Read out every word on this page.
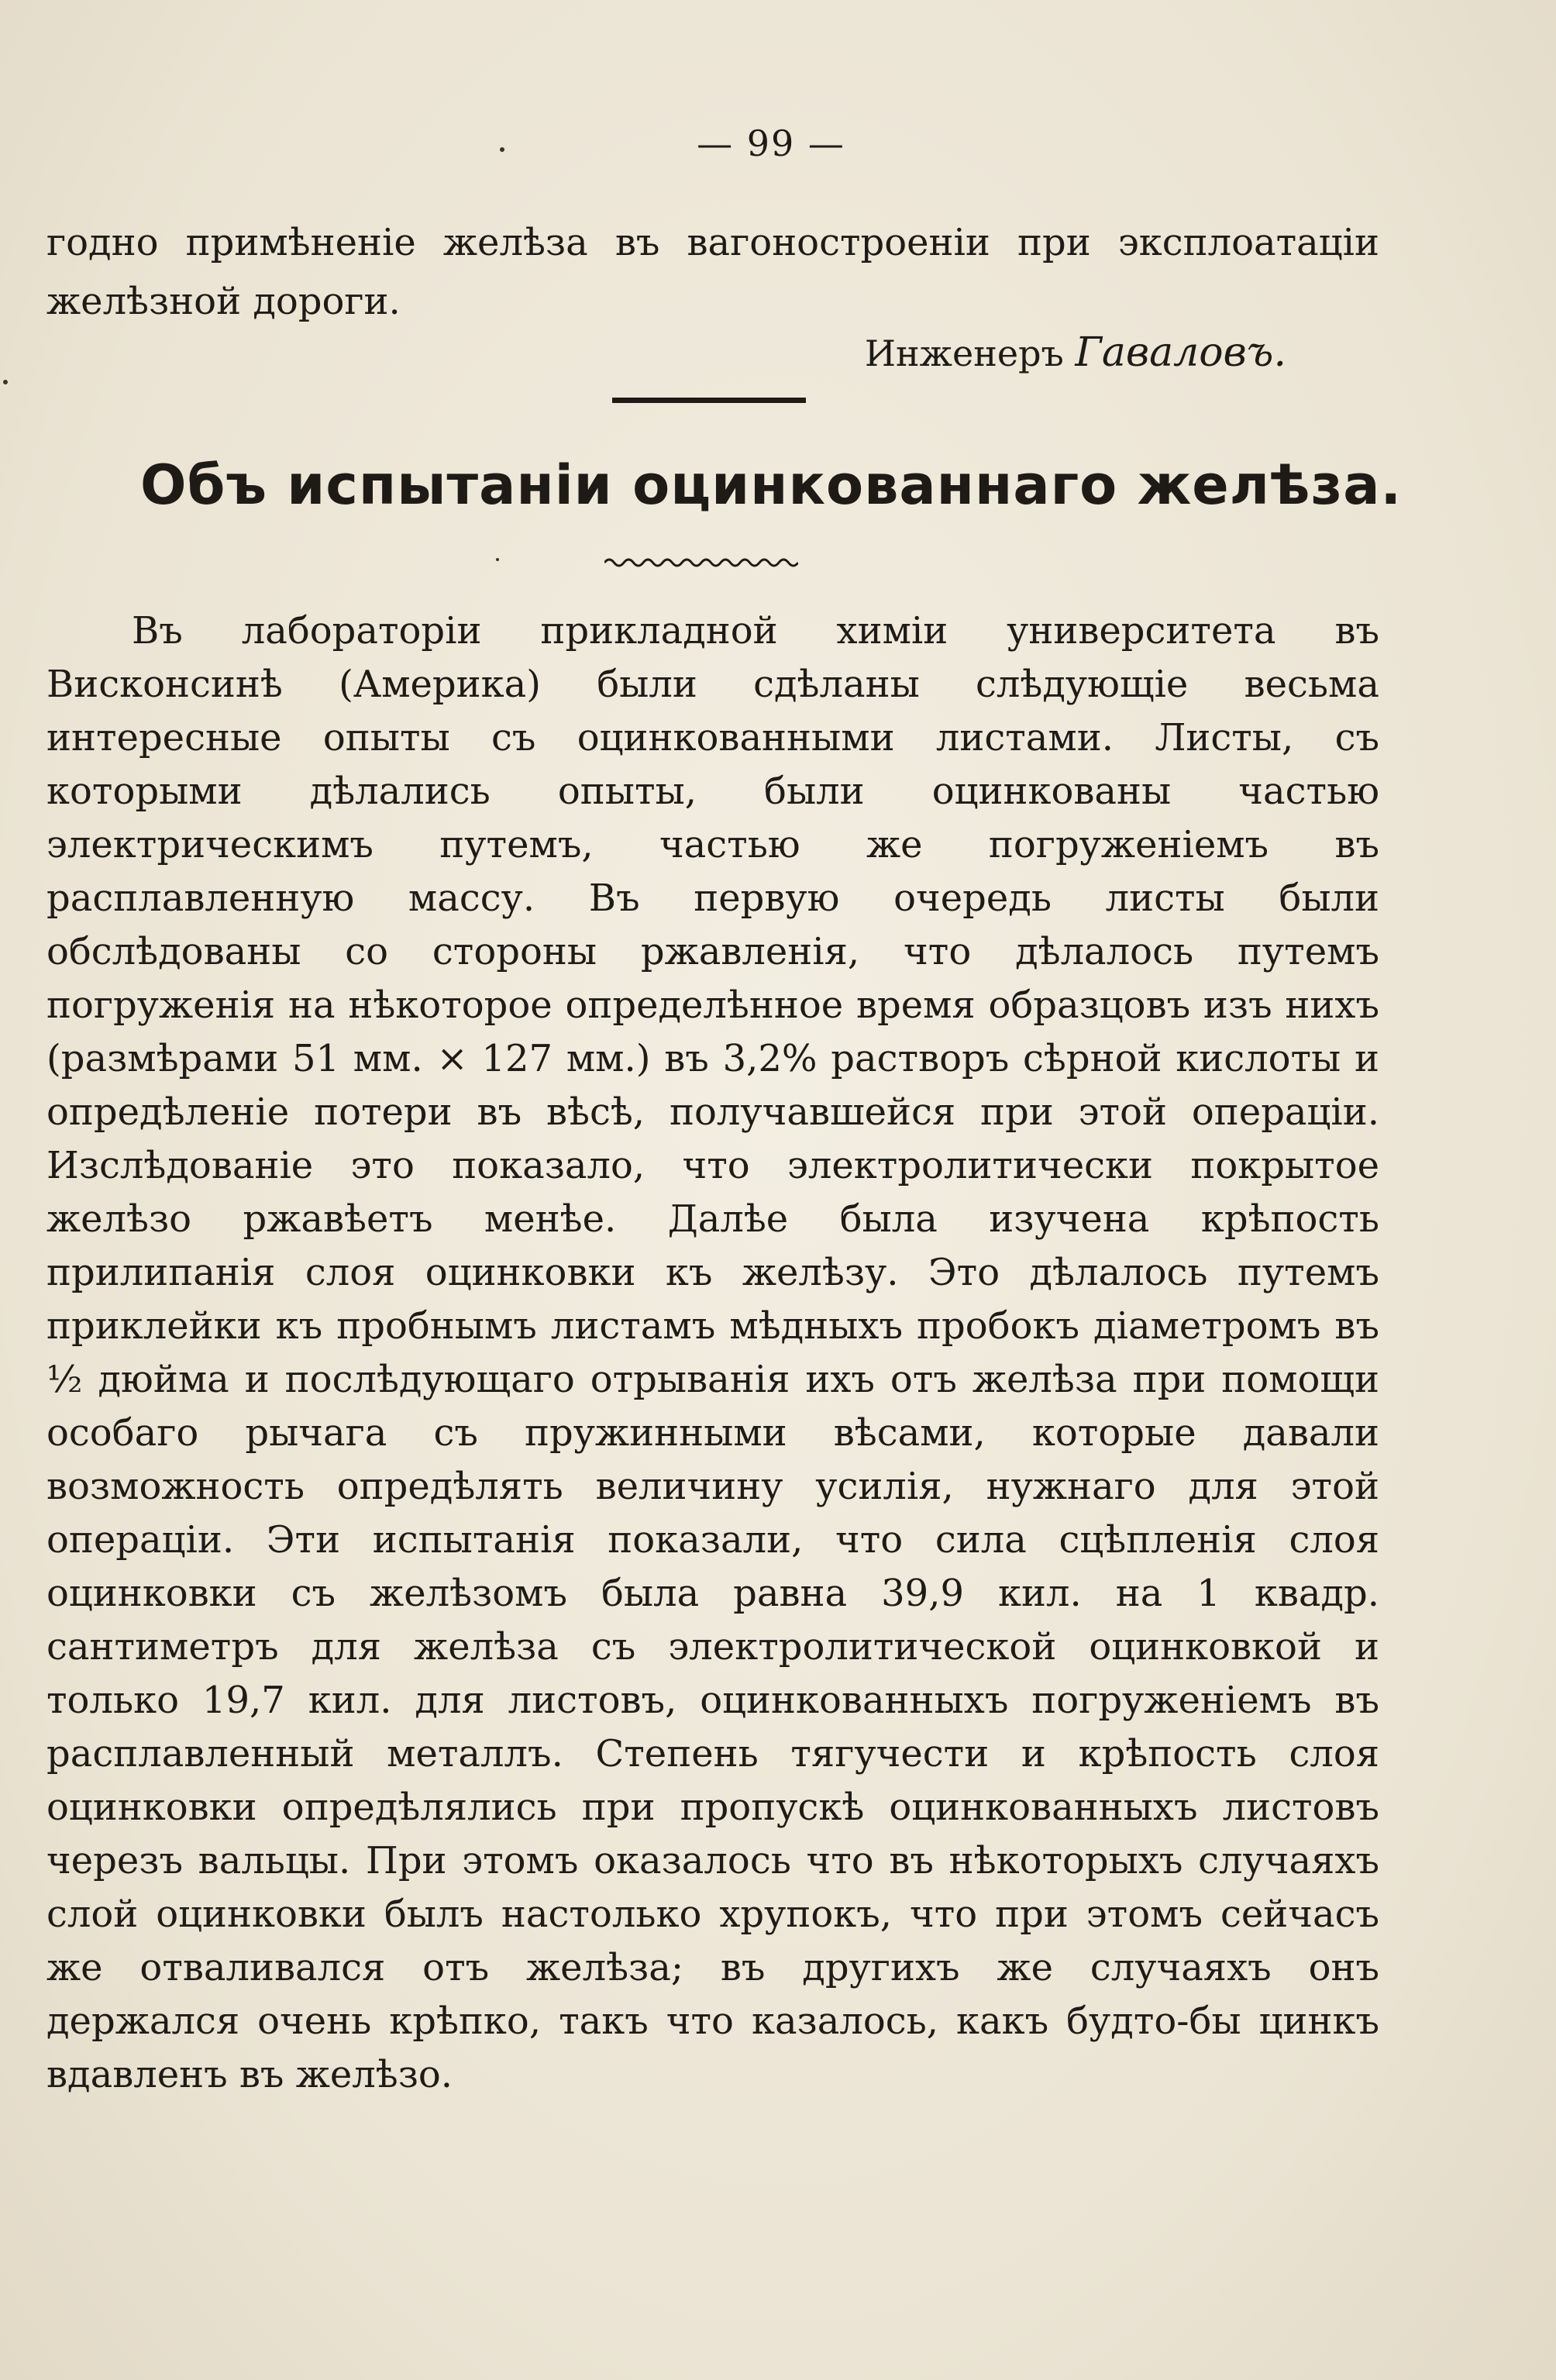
— 99 —
годно примѣненіе желѣза въ вагоностроеніи при эксплоатаціи желѣзной дороги.
Инженеръ Гаваловъ.
Объ испытаніи оцинкованнаго желѣза.
Въ лабораторіи прикладной химіи университета въ Висконсинѣ (Америка) были сдѣланы слѣдующіе весьма интересные опыты съ оцинкованными листами. Листы, съ которыми дѣлались опыты, были оцинкованы частью электрическимъ путемъ, частью же погруженіемъ въ расплавленную массу. Въ первую очередь листы были обслѣдованы со стороны ржавленія, что дѣлалось путемъ погруженія на нѣкоторое определѣнное время образцовъ изъ нихъ (размѣрами 51 мм. × 127 мм.) въ 3,2% растворъ сѣрной кислоты и опредѣленіе потери въ вѣсѣ, получавшейся при этой операціи. Изслѣдованіе это показало, что электролитически покрытое желѣзо ржавѣетъ менѣе. Далѣе была изучена крѣпость прилипанія слоя оцинковки къ желѣзу. Это дѣлалось путемъ приклейки къ пробнымъ листамъ мѣдныхъ пробокъ діаметромъ въ ½ дюйма и послѣдующаго отрыванія ихъ отъ желѣза при помощи особаго рычага съ пружинными вѣсами, которые давали возможность опредѣлять величину усилія, нужнаго для этой операціи. Эти испытанія показали, что сила сцѣпленія слоя оцинковки съ желѣзомъ была равна 39,9 кил. на 1 квадр. сантиметръ для желѣза съ электролитической оцинковкой и только 19,7 кил. для листовъ, оцинкованныхъ погруженіемъ въ расплавленный металлъ. Степень тягучести и крѣпость слоя оцинковки опредѣлялись при пропускѣ оцинкованныхъ листовъ черезъ вальцы. При этомъ оказалось что въ нѣкоторыхъ случаяхъ слой оцинковки былъ настолько хрупокъ, что при этомъ сейчасъ же отваливался отъ желѣза; въ другихъ же случаяхъ онъ держался очень крѣпко, такъ что казалось, какъ будто-бы цинкъ вдавленъ въ желѣзо.
